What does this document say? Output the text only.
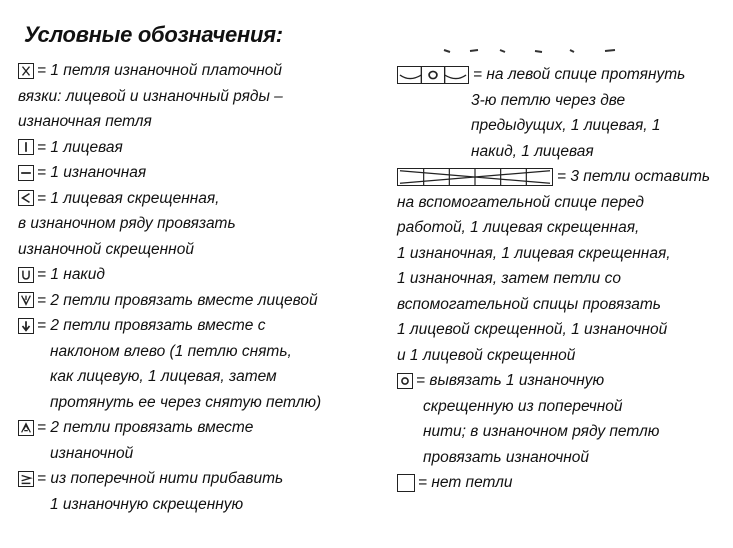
Условные обозначения:
= 1 петля изнаночной платочной
вязки: лицевой и изнаночный ряды –
изнаночная петля
= 1 лицевая
= 1 изнаночная
= 1 лицевая скрещенная,
в изнаночном ряду провязать
изнаночной скрещенной
= 1 накид
= 2 петли провязать вместе лицевой
= 2 петли провязать вместе с
наклоном влево (1 петлю снять,
как лицевую, 1 лицевая, затем
протянуть ее через снятую петлю)
= 2 петли провязать вместе
изнаночной
= из поперечной нити прибавить
1 изнаночную скрещенную
= на левой спице протянуть
3-ю петлю через две
предыдущих, 1 лицевая, 1
накид, 1 лицевая
= 3 петли оставить
на вспомогательной спице перед
работой, 1 лицевая скрещенная,
1 изнаночная, 1 лицевая скрещенная,
1 изнаночная, затем петли со
вспомогательной спицы провязать
1 лицевой скрещенной, 1 изнаночной
и 1 лицевой скрещенной
= вывязать 1 изнаночную
скрещенную из поперечной
нити; в изнаночном ряду петлю
провязать изнаночной
= нет петли
